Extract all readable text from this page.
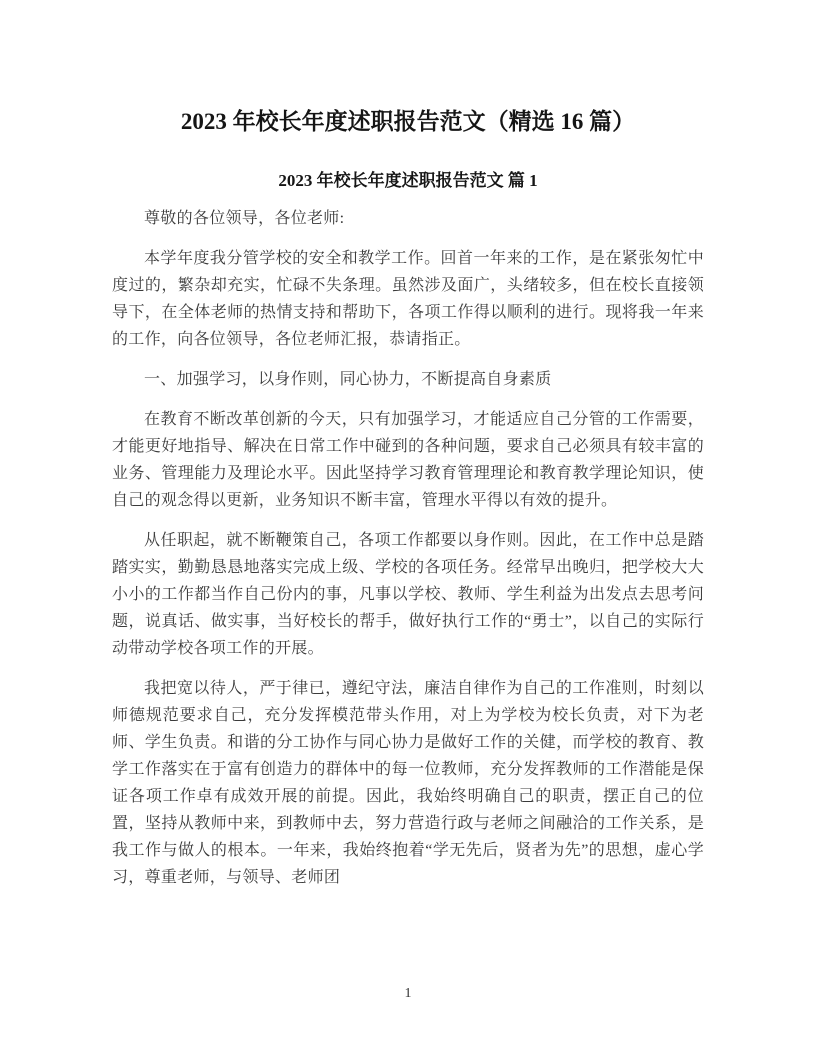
2023 年校长年度述职报告范文（精选 16 篇）
2023 年校长年度述职报告范文 篇 1

尊敬的各位领导，各位老师:

本学年度我分管学校的安全和教学工作。回首一年来的工作，是在紧张匆忙中度过的，繁杂却充实，忙碌不失条理。虽然涉及面广，头绪较多，但在校长直接领导下，在全体老师的热情支持和帮助下，各项工作得以顺利的进行。现将我一年来的工作，向各位领导，各位老师汇报，恭请指正。

一、加强学习，以身作则，同心协力，不断提高自身素质

在教育不断改革创新的今天，只有加强学习，才能适应自己分管的工作需要，才能更好地指导、解决在日常工作中碰到的各种问题，要求自己必须具有较丰富的业务、管理能力及理论水平。因此坚持学习教育管理理论和教育教学理论知识，使自己的观念得以更新，业务知识不断丰富，管理水平得以有效的提升。

从任职起，就不断鞭策自己，各项工作都要以身作则。因此，在工作中总是踏踏实实，勤勤恳恳地落实完成上级、学校的各项任务。经常早出晚归，把学校大大小小的工作都当作自己份内的事，凡事以学校、教师、学生利益为出发点去思考问题，说真话、做实事，当好校长的帮手，做好执行工作的“勇士”，以自己的实际行动带动学校各项工作的开展。

我把宽以待人，严于律已，遵纪守法，廉洁自律作为自己的工作准则，时刻以师德规范要求自己，充分发挥模范带头作用，对上为学校为校长负责，对下为老师、学生负责。和谐的分工协作与同心协力是做好工作的关健，而学校的教育、教学工作落实在于富有创造力的群体中的每一位教师，充分发挥教师的工作潜能是保证各项工作卓有成效开展的前提。因此，我始终明确自己的职责，摆正自己的位置，坚持从教师中来，到教师中去，努力营造行政与老师之间融洽的工作关系，是我工作与做人的根本。一年来，我始终抱着“学无先后，贤者为先”的思想，虚心学习，尊重老师，与领导、老师团

1
